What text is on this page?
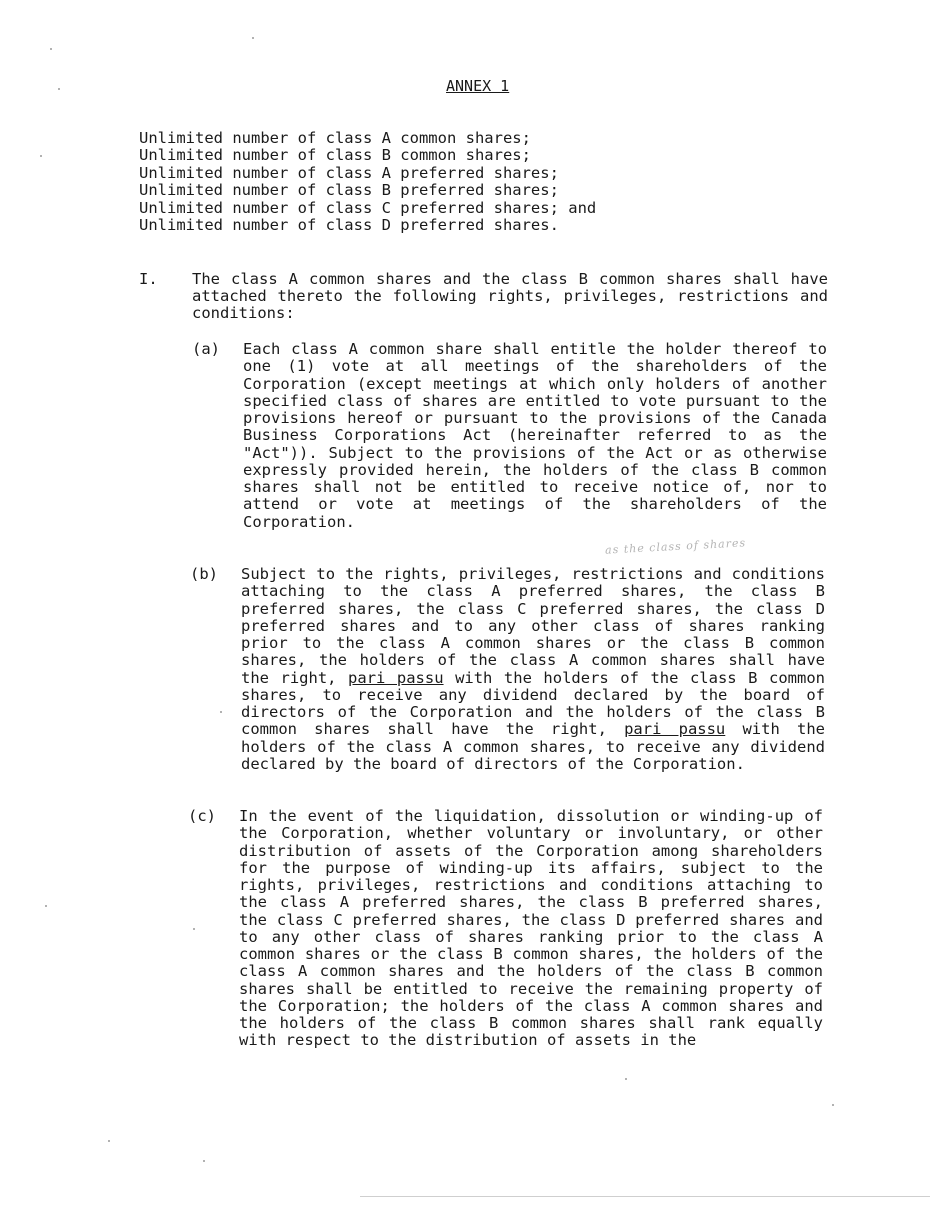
ANNEX 1
Unlimited number of class A common shares;
Unlimited number of class B common shares;
Unlimited number of class A preferred shares;
Unlimited number of class B preferred shares;
Unlimited number of class C preferred shares; and
Unlimited number of class D preferred shares.
I. The class A common shares and the class B common shares shall have attached thereto the following rights, privileges, restrictions and conditions:
(a) Each class A common share shall entitle the holder thereof to one (1) vote at all meetings of the shareholders of the Corporation (except meetings at which only holders of another specified class of shares are entitled to vote pursuant to the provisions hereof or pursuant to the provisions of the Canada Business Corporations Act (hereinafter referred to as the "Act")). Subject to the provisions of the Act or as otherwise expressly provided herein, the holders of the class B common shares shall not be entitled to receive notice of, nor to attend or vote at meetings of the shareholders of the Corporation.
as the class of shares
(b) Subject to the rights, privileges, restrictions and conditions attaching to the class A preferred shares, the class B preferred shares, the class C preferred shares, the class D preferred shares and to any other class of shares ranking prior to the class A common shares or the class B common shares, the holders of the class A common shares shall have the right, pari passu with the holders of the class B common shares, to receive any dividend declared by the board of directors of the Corporation and the holders of the class B common shares shall have the right, pari passu with the holders of the class A common shares, to receive any dividend declared by the board of directors of the Corporation.
(c) In the event of the liquidation, dissolution or winding-up of the Corporation, whether voluntary or involuntary, or other distribution of assets of the Corporation among shareholders for the purpose of winding-up its affairs, subject to the rights, privileges, restrictions and conditions attaching to the class A preferred shares, the class B preferred shares, the class C preferred shares, the class D preferred shares and to any other class of shares ranking prior to the class A common shares or the class B common shares, the holders of the class A common shares and the holders of the class B common shares shall be entitled to receive the remaining property of the Corporation; the holders of the class A common shares and the holders of the class B common shares shall rank equally with respect to the distribution of assets in the
